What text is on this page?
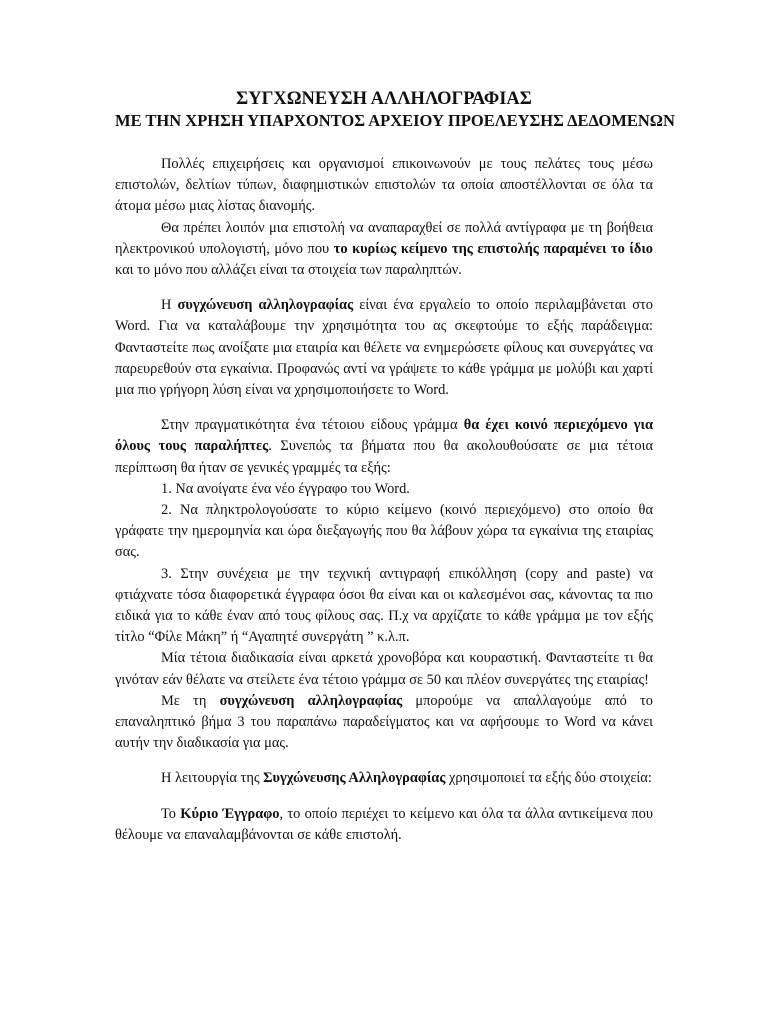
ΣΥΓΧΩΝΕΥΣΗ ΑΛΛΗΛΟΓΡΑΦΙΑΣ
ΜΕ ΤΗΝ ΧΡΗΣΗ ΥΠΑΡΧΟΝΤΟΣ ΑΡΧΕΙΟΥ ΠΡΟΕΛΕΥΣΗΣ ΔΕΔΟΜΕΝΩΝ

Πολλές επιχειρήσεις και οργανισμοί επικοινωνούν με τους πελάτες τους μέσω επιστολών, δελτίων τύπων, διαφημιστικών επιστολών τα οποία αποστέλλονται σε όλα τα άτομα μέσω μιας λίστας διανομής.

Θα πρέπει λοιπόν μια επιστολή να αναπαραχθεί σε πολλά αντίγραφα με τη βοήθεια ηλεκτρονικού υπολογιστή, μόνο που το κυρίως κείμενο της επιστολής παραμένει το ίδιο και το μόνο που αλλάζει είναι τα στοιχεία των παραληπτών.

Η συγχώνευση αλληλογραφίας είναι ένα εργαλείο το οποίο περιλαμβάνεται στο Word. Για να καταλάβουμε την χρησιμότητα του ας σκεφτούμε το εξής παράδειγμα: Φανταστείτε πως ανοίξατε μια εταιρία και θέλετε να ενημερώσετε φίλους και συνεργάτες να παρευρεθούν στα εγκαίνια. Προφανώς αντί να γράψετε το κάθε γράμμα με μολύβι και χαρτί μια πιο γρήγορη λύση είναι να χρησιμοποιήσετε το Word.

Στην πραγματικότητα ένα τέτοιου είδους γράμμα θα έχει κοινό περιεχόμενο για όλους τους παραλήπτες. Συνεπώς τα βήματα που θα ακολουθούσατε σε μια τέτοια περίπτωση θα ήταν σε γενικές γραμμές τα εξής:

1. Να ανοίγατε ένα νέο έγγραφο του Word.

2. Να πληκτρολογούσατε το κύριο κείμενο (κοινό περιεχόμενο) στο οποίο θα γράφατε την ημερομηνία και ώρα διεξαγωγής που θα λάβουν χώρα τα εγκαίνια της εταιρίας σας.

3. Στην συνέχεια με την τεχνική αντιγραφή επικόλληση (copy and paste) να φτιάχνατε τόσα διαφορετικά έγγραφα όσοι θα είναι και οι καλεσμένοι σας, κάνοντας τα πιο ειδικά για το κάθε έναν από τους φίλους σας. Π.χ να αρχίζατε το κάθε γράμμα με τον εξής τίτλο “Φίλε Μάκη” ή “Αγαπητέ συνεργάτη ” κ.λ.π.

Μία τέτοια διαδικασία είναι αρκετά χρονοβόρα και κουραστική. Φανταστείτε τι θα γινόταν εάν θέλατε να στείλετε ένα τέτοιο γράμμα σε 50 και πλέον συνεργάτες της εταιρίας!

Με τη συγχώνευση αλληλογραφίας μπορούμε να απαλλαγούμε από το επαναληπτικό βήμα 3 του παραπάνω παραδείγματος και να αφήσουμε το Word να κάνει αυτήν την διαδικασία για μας.

Η λειτουργία της Συγχώνευσης Αλληλογραφίας χρησιμοποιεί τα εξής δύο στοιχεία:

Το Κύριο Έγγραφο, το οποίο περιέχει το κείμενο και όλα τα άλλα αντικείμενα που θέλουμε να επαναλαμβάνονται σε κάθε επιστολή.
